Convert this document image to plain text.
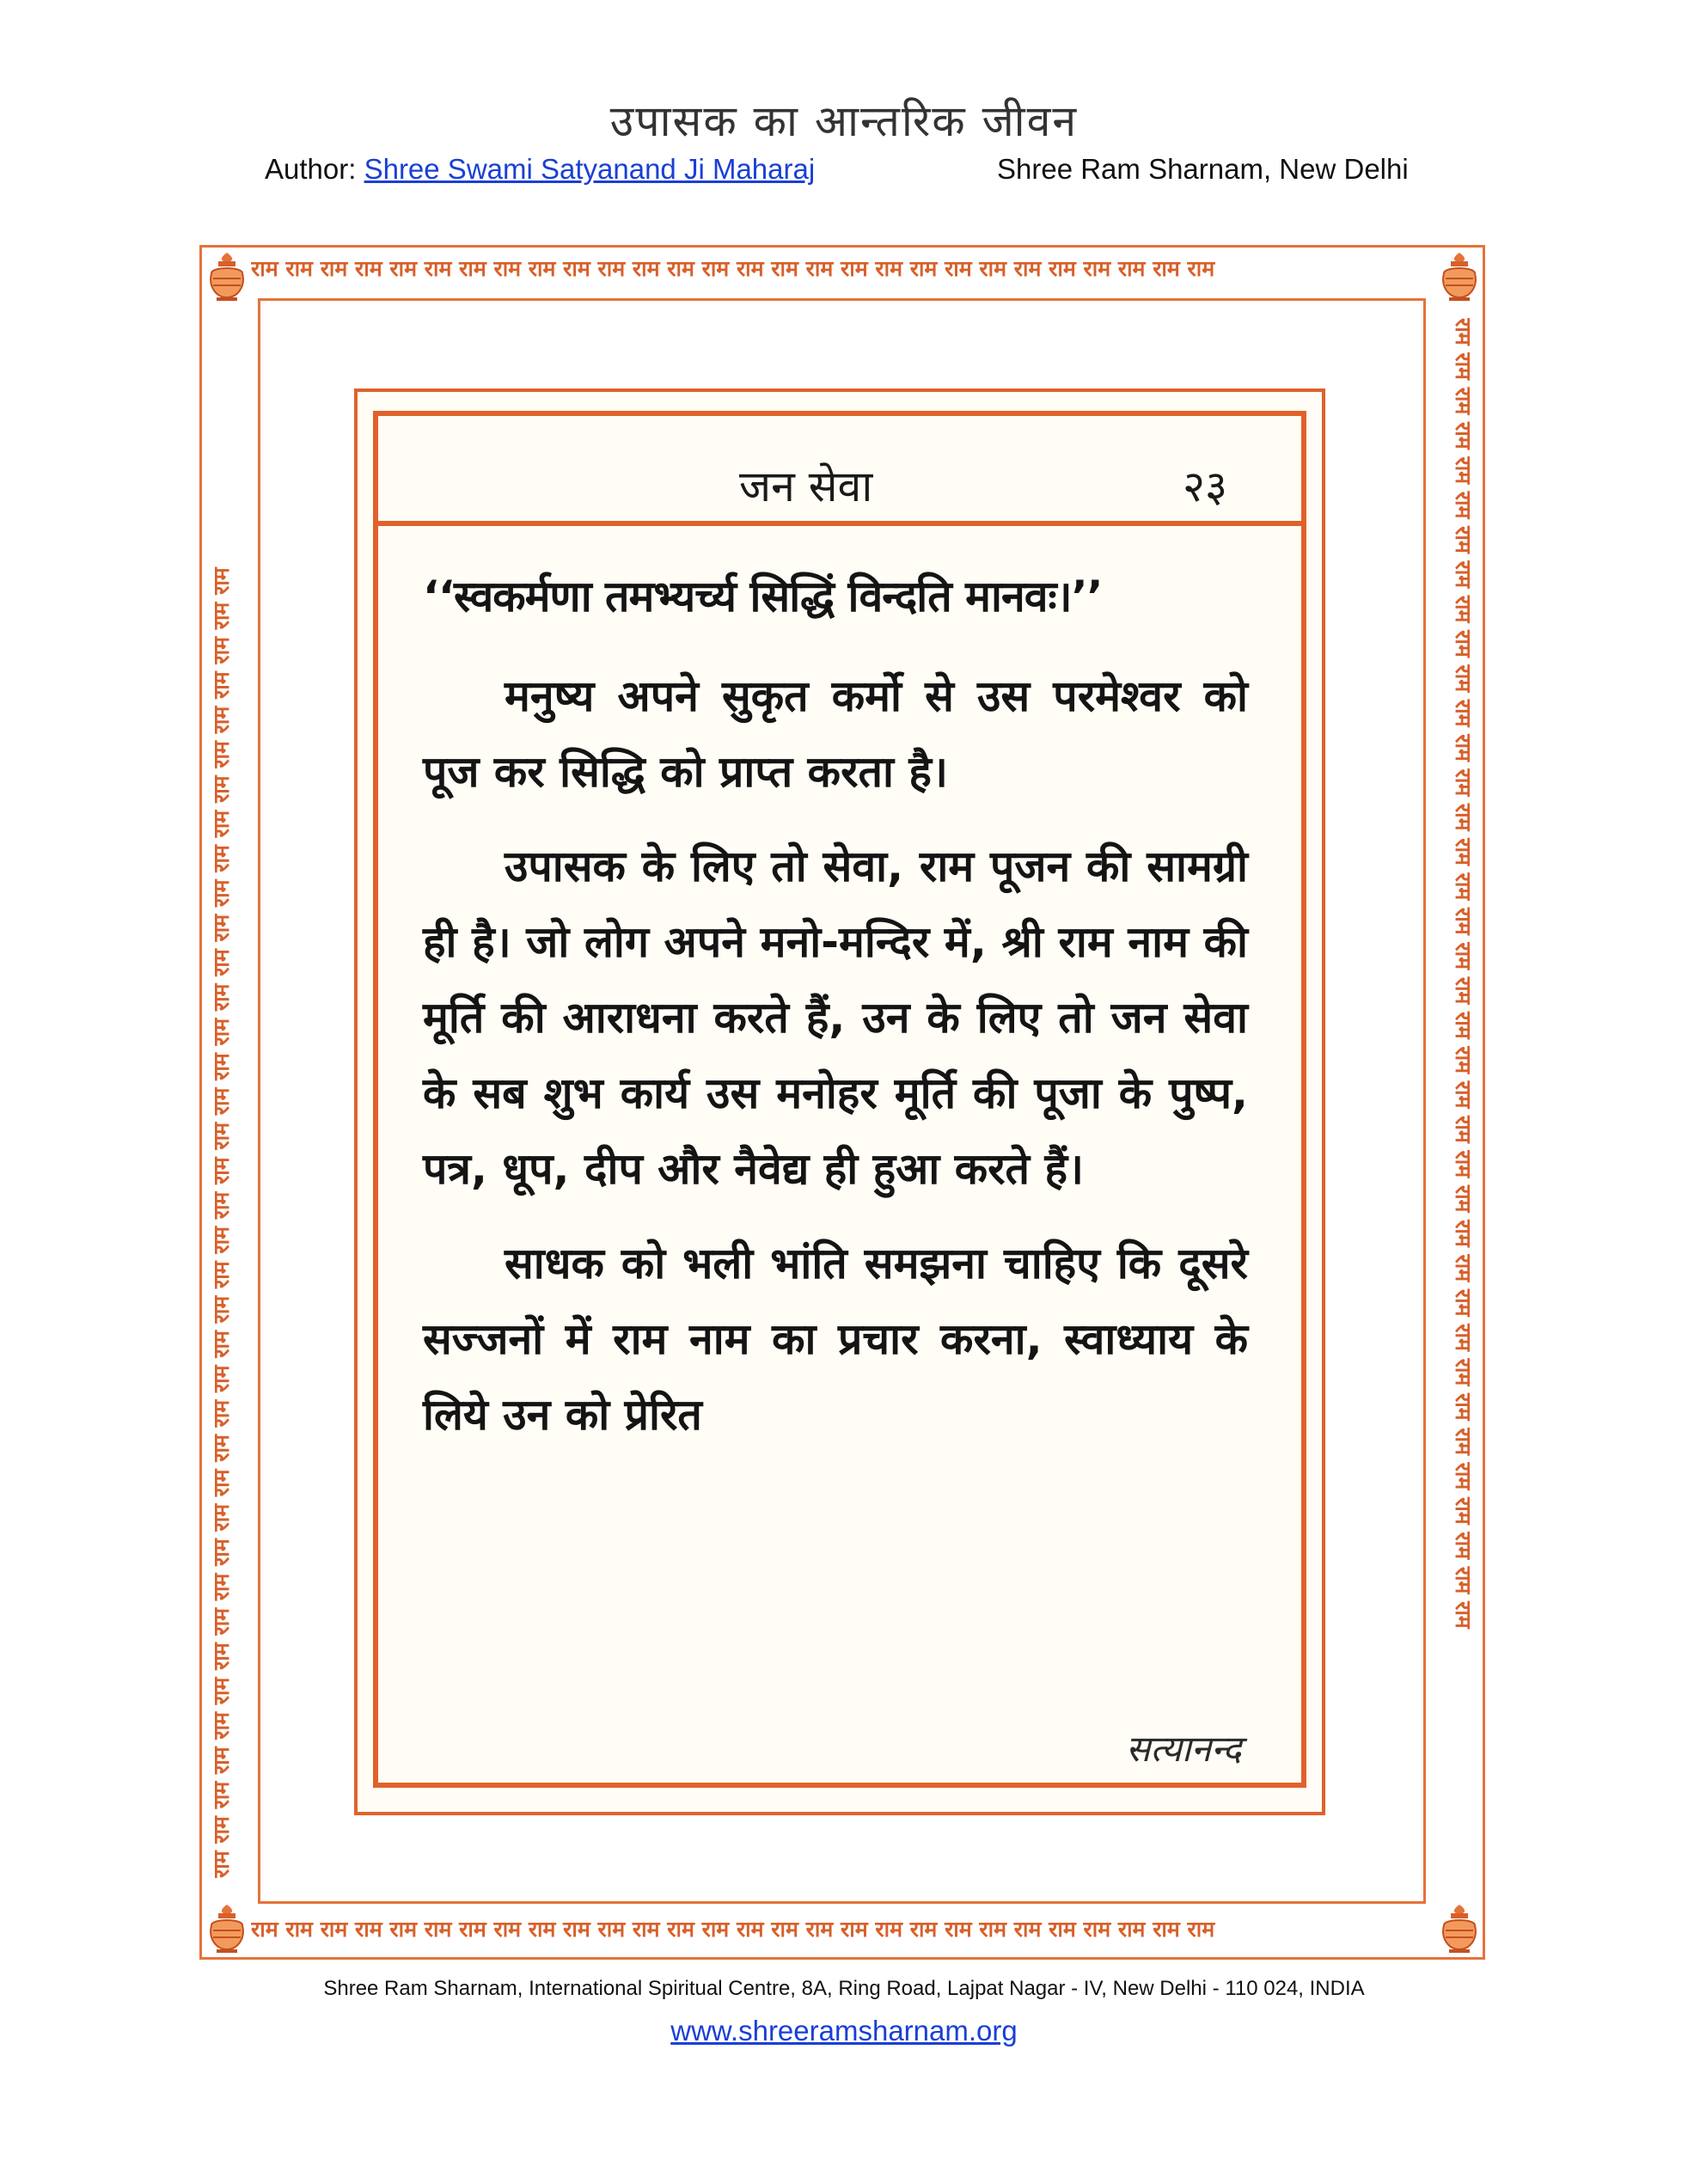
उपासक का आन्तरिक जीवन
Author: Shree Swami Satyanand Ji Maharaj	Shree Ram Sharnam, New Delhi
राम राम राम राम राम राम राम राम राम राम राम राम राम राम राम राम राम राम राम राम राम राम राम राम राम राम राम राम
राम राम राम राम राम राम राम राम राम राम राम राम राम राम राम राम राम राम राम राम राम राम राम राम राम राम राम राम
राम राम राम राम राम राम राम राम राम राम राम राम राम राम राम राम राम राम राम राम राम राम राम राम राम राम राम राम राम राम राम राम राम राम राम राम राम राम	राम राम राम राम राम राम राम राम राम राम राम राम राम राम राम राम राम राम राम राम राम राम राम राम राम राम राम राम राम राम राम राम राम राम राम राम राम राम
जन सेवा	२३

‘‘स्वकर्मणा तमभ्यर्च्य सिद्धिं विन्दति मानवः।’’

मनुष्य अपने सुकृत कर्मो से उस परमेश्वर को पूज कर सिद्धि को प्राप्त करता है।

उपासक के लिए तो सेवा, राम पूजन की सामग्री ही है। जो लोग अपने मनो-मन्दिर में, श्री राम नाम की मूर्ति की आराधना करते हैं, उन के लिए तो जन सेवा के सब शुभ कार्य उस मनोहर मूर्ति की पूजा के पुष्प, पत्र, धूप, दीप और नैवेद्य ही हुआ करते हैं।

साधक को भली भांति समझना चाहिए कि दूसरे सज्जनों में राम नाम का प्रचार करना, स्वाध्याय के लिये उन को प्रेरित

सत्यानन्द
Shree Ram Sharnam, International Spiritual Centre, 8A, Ring Road, Lajpat Nagar - IV, New Delhi - 110 024, INDIA
www.shreeramsharnam.org
